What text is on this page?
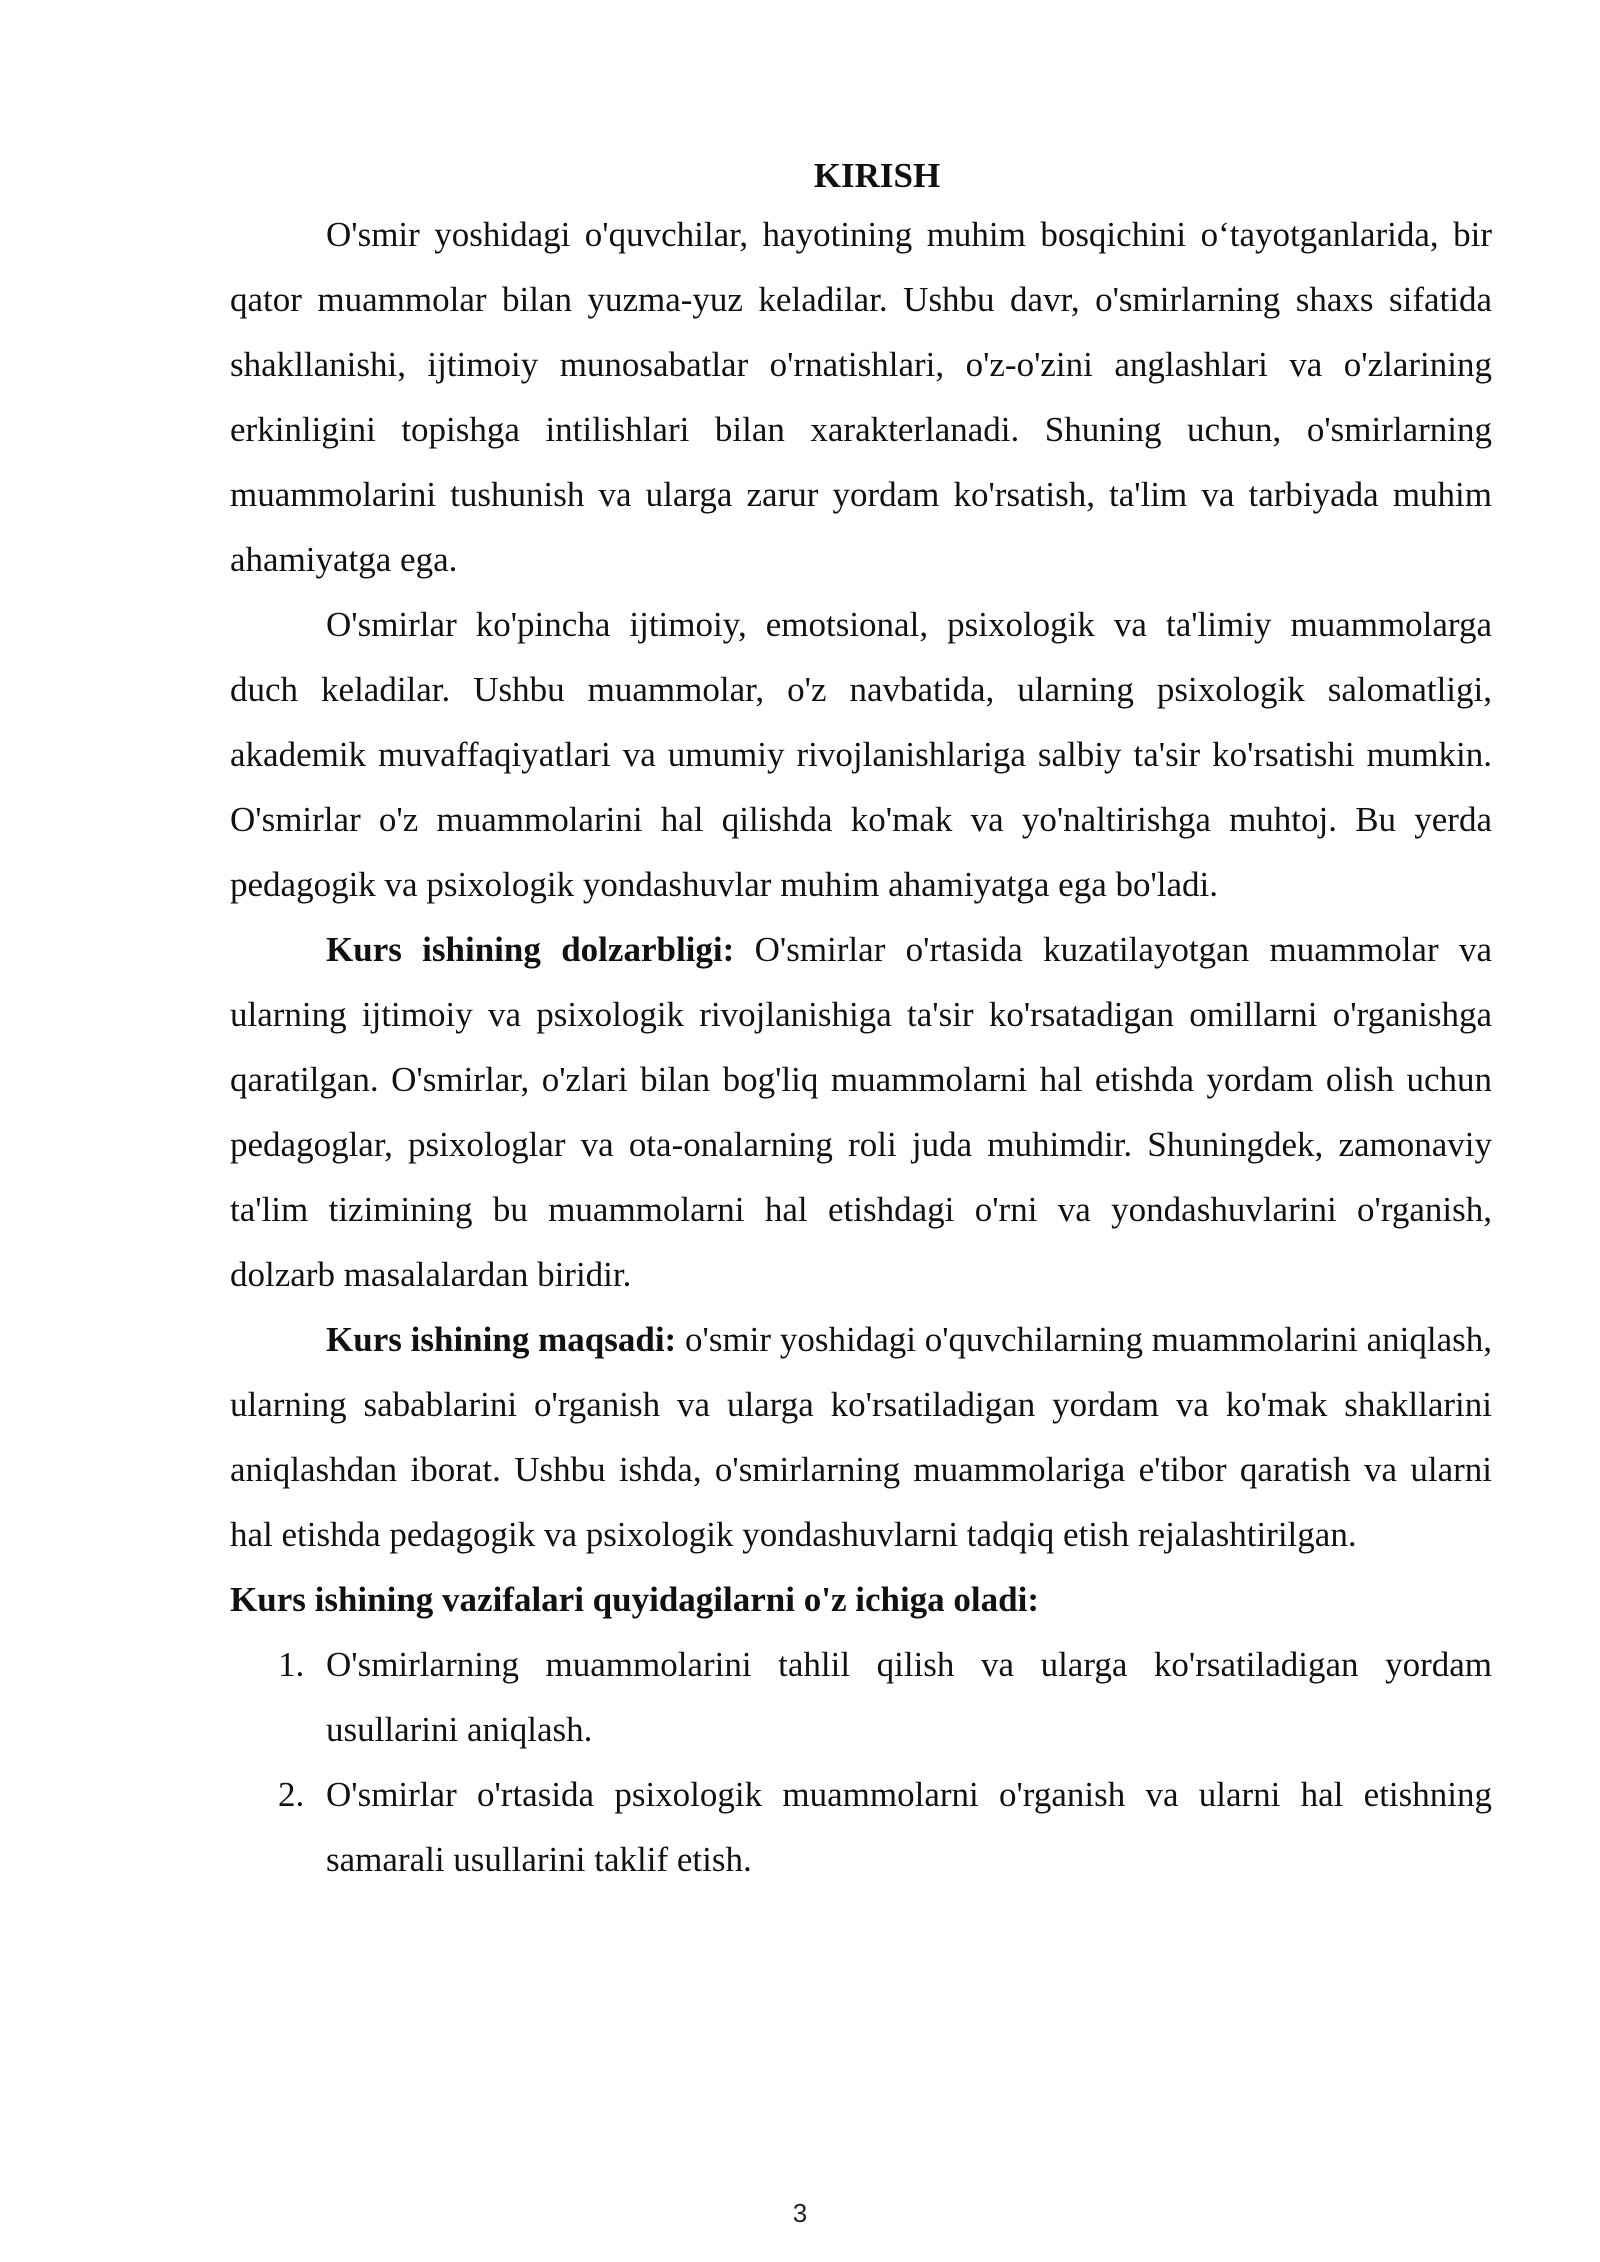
KIRISH

O'smir yoshidagi o'quvchilar, hayotining muhim bosqichini o‘tayotganlarida, bir qator muammolar bilan yuzma-yuz keladilar. Ushbu davr, o'smirlarning shaxs sifatida shakllanishi, ijtimoiy munosabatlar o'rnatishlari, o'z-o'zini anglashlari va o'zlarining erkinligini topishga intilishlari bilan xarakterlanadi. Shuning uchun, o'smirlarning muammolarini tushunish va ularga zarur yordam ko'rsatish, ta'lim va tarbiyada muhim ahamiyatga ega.

O'smirlar ko'pincha ijtimoiy, emotsional, psixologik va ta'limiy muammolarga duch keladilar. Ushbu muammolar, o'z navbatida, ularning psixologik salomatligi, akademik muvaffaqiyatlari va umumiy rivojlanishlariga salbiy ta'sir ko'rsatishi mumkin. O'smirlar o'z muammolarini hal qilishda ko'mak va yo'naltirishga muhtoj. Bu yerda pedagogik va psixologik yondashuvlar muhim ahamiyatga ega bo'ladi.

Kurs ishining dolzarbligi: O'smirlar o'rtasida kuzatilayotgan muammolar va ularning ijtimoiy va psixologik rivojlanishiga ta'sir ko'rsatadigan omillarni o'rganishga qaratilgan. O'smirlar, o'zlari bilan bog'liq muammolarni hal etishda yordam olish uchun pedagoglar, psixologlar va ota-onalarning roli juda muhimdir. Shuningdek, zamonaviy ta'lim tizimining bu muammolarni hal etishdagi o'rni va yondashuvlarini o'rganish, dolzarb masalalardan biridir.

Kurs ishining maqsadi: o'smir yoshidagi o'quvchilarning muammolarini aniqlash, ularning sabablarini o'rganish va ularga ko'rsatiladigan yordam va ko'mak shakllarini aniqlashdan iborat. Ushbu ishda, o'smirlarning muammolariga e'tibor qaratish va ularni hal etishda pedagogik va psixologik yondashuvlarni tadqiq etish rejalashtirilgan.

Kurs ishining vazifalari quyidagilarni o'z ichiga oladi:

1. O'smirlarning muammolarini tahlil qilish va ularga ko'rsatiladigan yordam usullarini aniqlash.
2. O'smirlar o'rtasida psixologik muammolarni o'rganish va ularni hal etishning samarali usullarini taklif etish.
3
